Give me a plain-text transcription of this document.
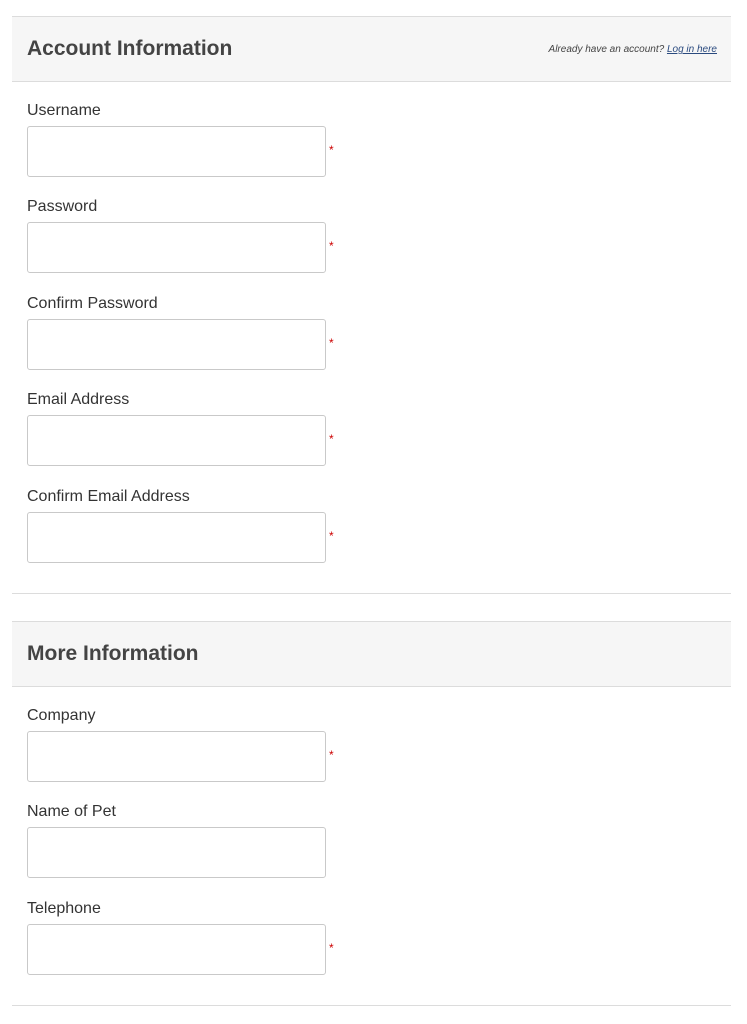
Account Information	Already have an account? Log in here
Username
*
Password
*
Confirm Password
*
Email Address
*
Confirm Email Address
*
More Information
Company
*
Name of Pet
Telephone
*
